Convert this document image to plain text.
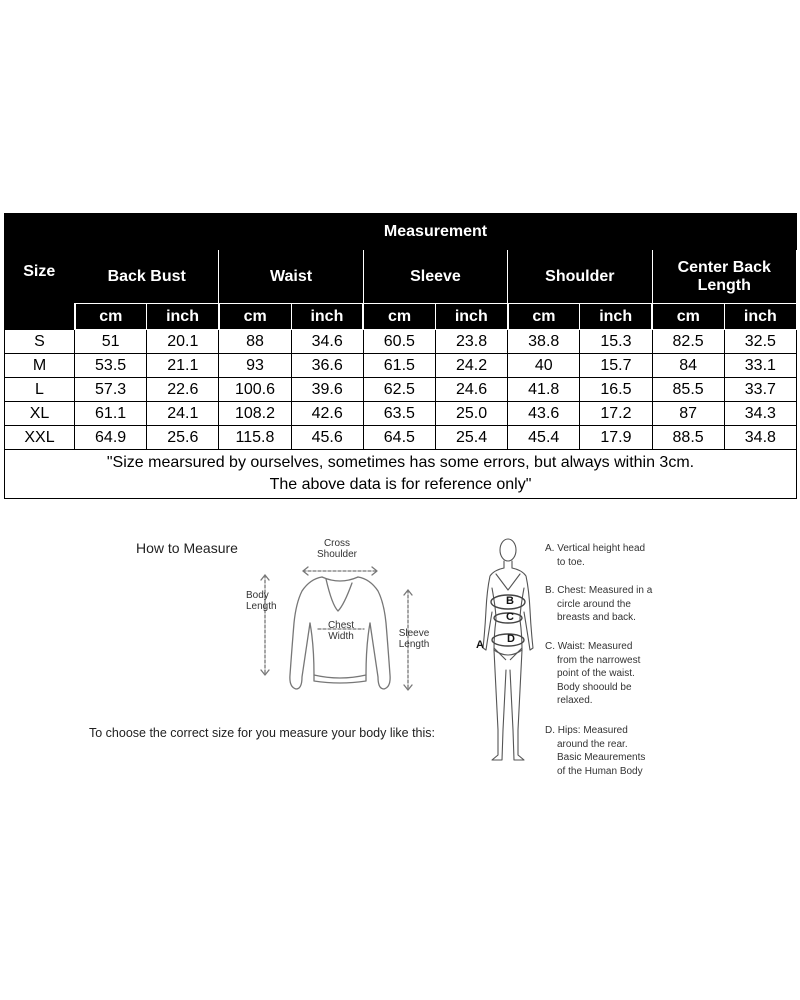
Size	Measurement									
	Back Bust		Waist		Sleeve		Shoulder		Center Back Length	
	cm	inch	cm	inch	cm	inch	cm	inch	cm	inch
S	51	20.1	88	34.6	60.5	23.8	38.8	15.3	82.5	32.5
M	53.5	21.1	93	36.6	61.5	24.2	40	15.7	84	33.1
L	57.3	22.6	100.6	39.6	62.5	24.6	41.8	16.5	85.5	33.7
XL	61.1	24.1	108.2	42.6	63.5	25.0	43.6	17.2	87	34.3
XXL	64.9	25.6	115.8	45.6	64.5	25.4	45.4	17.9	88.5	34.8

"Size mearsured by ourselves, sometimes has some errors, but always within 3cm.
The above data is for reference only"										
How to Measure
To choose the correct size for you measure your body like this:
Cross
Shoulder
Body
Length
Chest
Width	Sleeve
Length
B
C
D
A
A. Vertical height head
to toe.
B. Chest: Measured in a
circle around the
breasts and back.
C. Waist: Measured
from the narrowest
point of the waist.
Body shoould be
relaxed.
D. Hips: Measured
around the rear.
Basic Meaurements
of the Human Body
